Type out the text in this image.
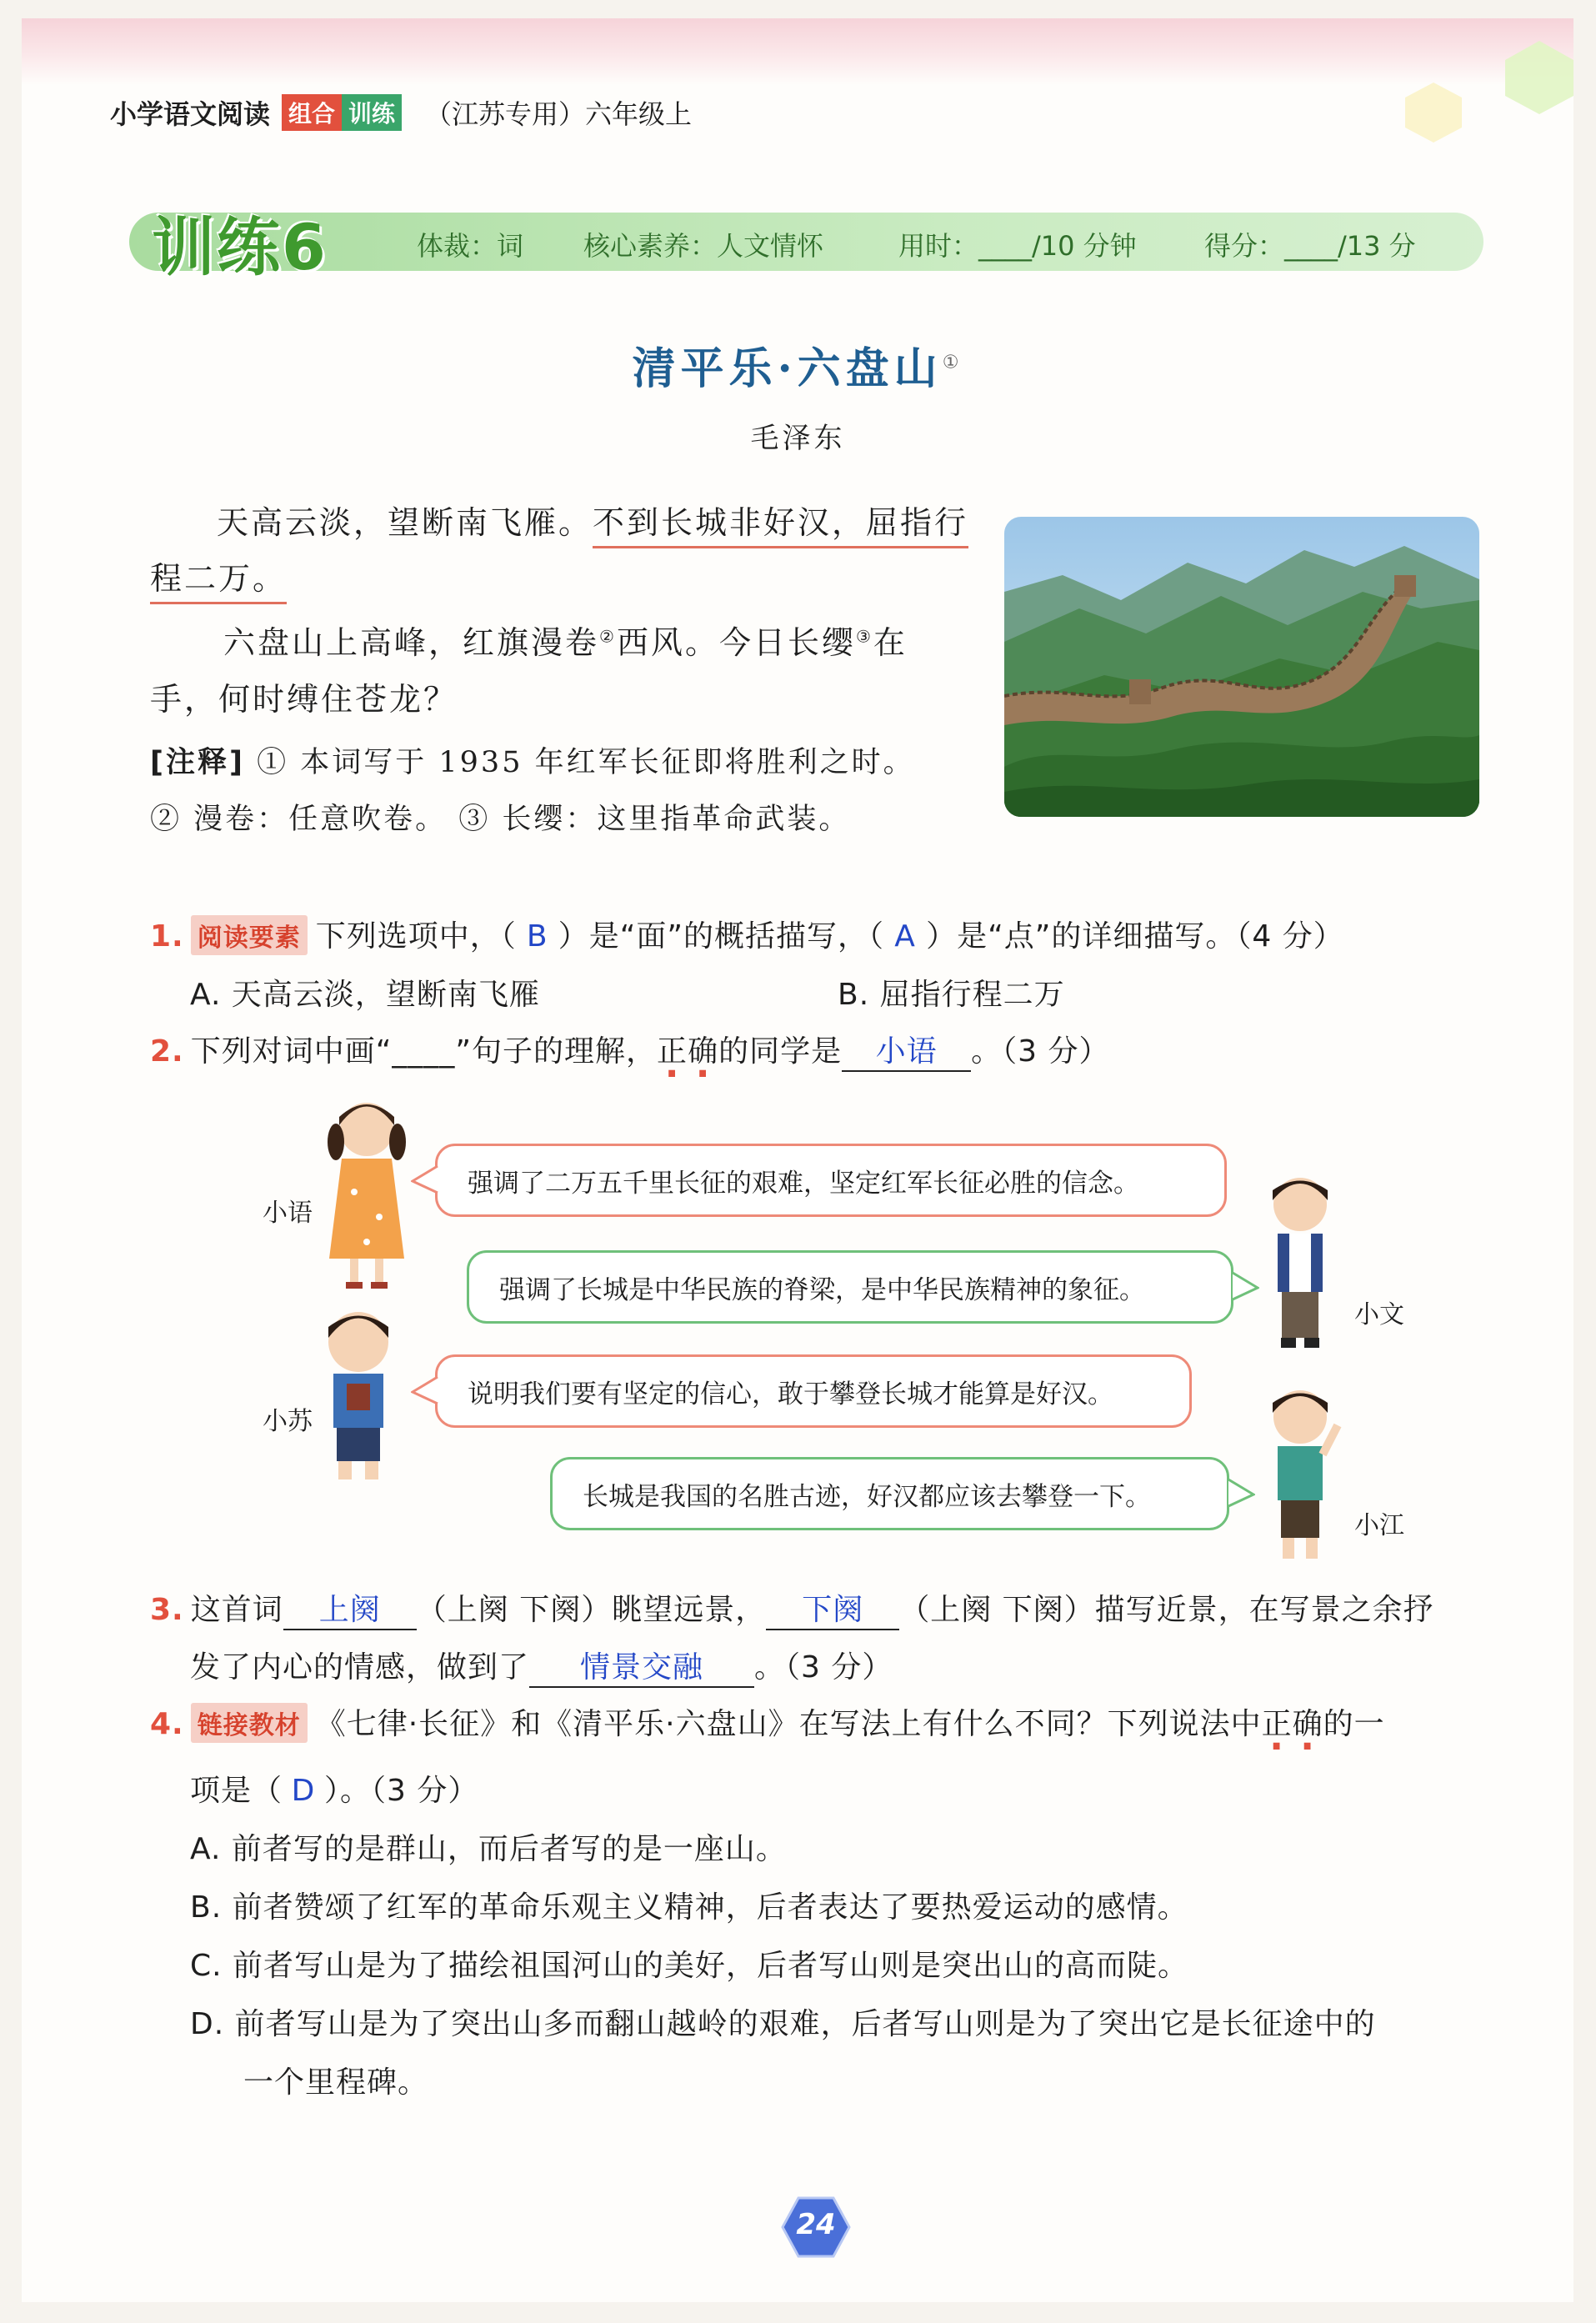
小学语文阅读 组合 训练 （江苏专用）六年级上
训练6	体裁：词 核心素养：人文情怀	用时：____/10 分钟	得分：____/13 分
清平乐·六盘山①
毛泽东
天高云淡，望断南飞雁。不到长城非好汉，屈指行
程二万。
六盘山上高峰，红旗漫卷②西风。今日长缨③在
手，何时缚住苍龙？
[注释] ① 本词写于 1935 年红军长征即将胜利之时。
② 漫卷：任意吹卷。 ③ 长缨：这里指革命武装。
1. 阅读要素 下列选项中，（ B ）是“面”的概括描写，（ A ）是“点”的详细描写。（4 分）
A. 天高云淡，望断南飞雁	B. 屈指行程二万
2. 下列对词中画“____”句子的理解，正确的同学是 小语 。（3 分）
强调了二万五千里长征的艰难，坚定红军长征必胜的信念。
强调了长城是中华民族的脊梁，是中华民族精神的象征。
说明我们要有坚定的信心，敢于攀登长城才能算是好汉。
长城是我国的名胜古迹，好汉都应该去攀登一下。
小语
小文
小苏
小江
3. 这首词 上阕 （上阕 下阕）眺望远景， 下阕 （上阕 下阕）描写近景，在写景之余抒
发了内心的情感，做到了 情景交融 。（3 分）
4. 链接教材 《七律·长征》和《清平乐·六盘山》在写法上有什么不同？下列说法中正确的一
项是（ D ）。（3 分）
A. 前者写的是群山，而后者写的是一座山。
B. 前者赞颂了红军的革命乐观主义精神，后者表达了要热爱运动的感情。
C. 前者写山是为了描绘祖国河山的美好，后者写山则是突出山的高而陡。
D. 前者写山是为了突出山多而翻山越岭的艰难，后者写山则是为了突出它是长征途中的
一个里程碑。
24
